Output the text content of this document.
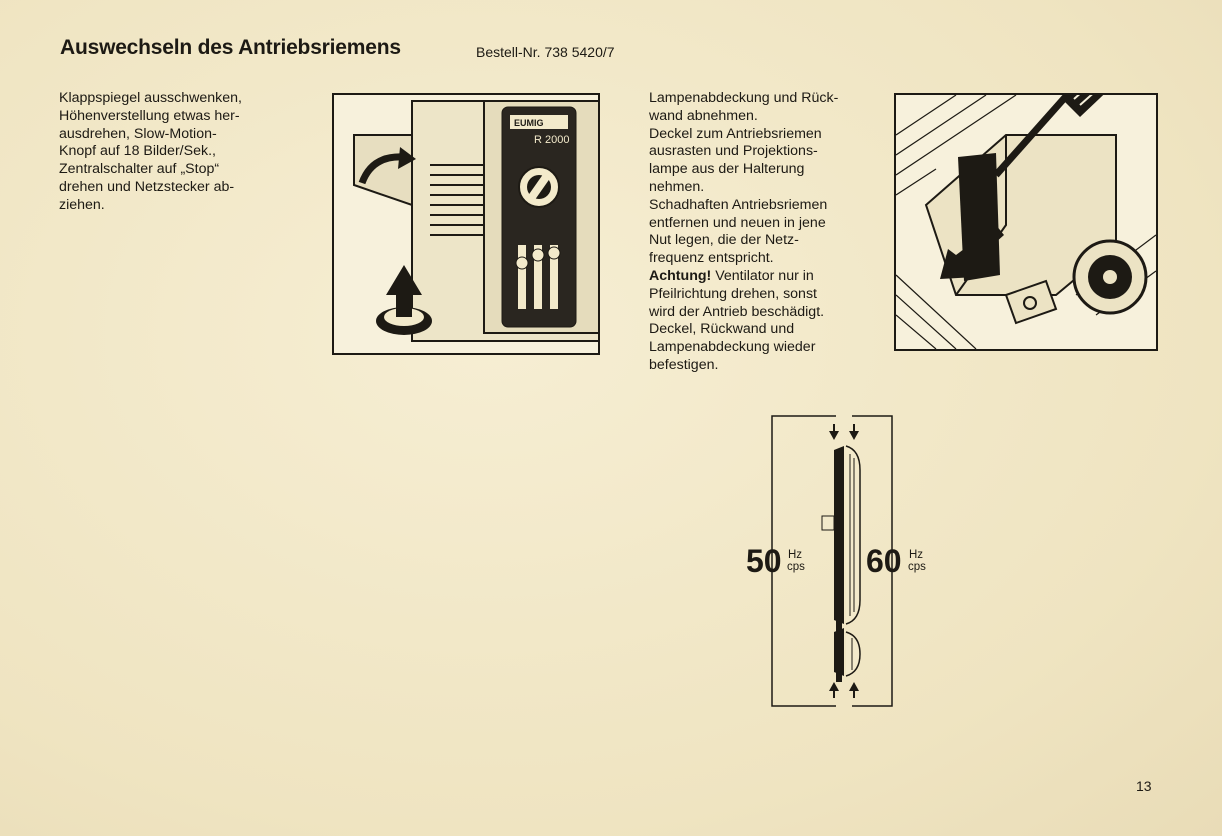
Auswechseln des Antriebsriemens	Bestell-Nr. 738 5420/7
Klappspiegel ausschwenken,
Höhenverstellung etwas her-
ausdrehen, Slow-Motion-
Knopf auf 18 Bilder/Sek.,
Zentralschalter auf „Stop“
drehen und Netzstecker ab-
ziehen.
EUMIG
R 2000
Lampenabdeckung und Rück-
wand abnehmen.
Deckel zum Antriebsriemen
ausrasten und Projektions-
lampe aus der Halterung
nehmen.
Schadhaften Antriebsriemen
entfernen und neuen in jene
Nut legen, die der Netz-
frequenz entspricht.
Achtung! Ventilator nur in
Pfeilrichtung drehen, sonst
wird der Antrieb beschädigt.
Deckel, Rückwand und
Lampenabdeckung wieder
befestigen.
50 Hz
cps 60 Hz
cps
13
